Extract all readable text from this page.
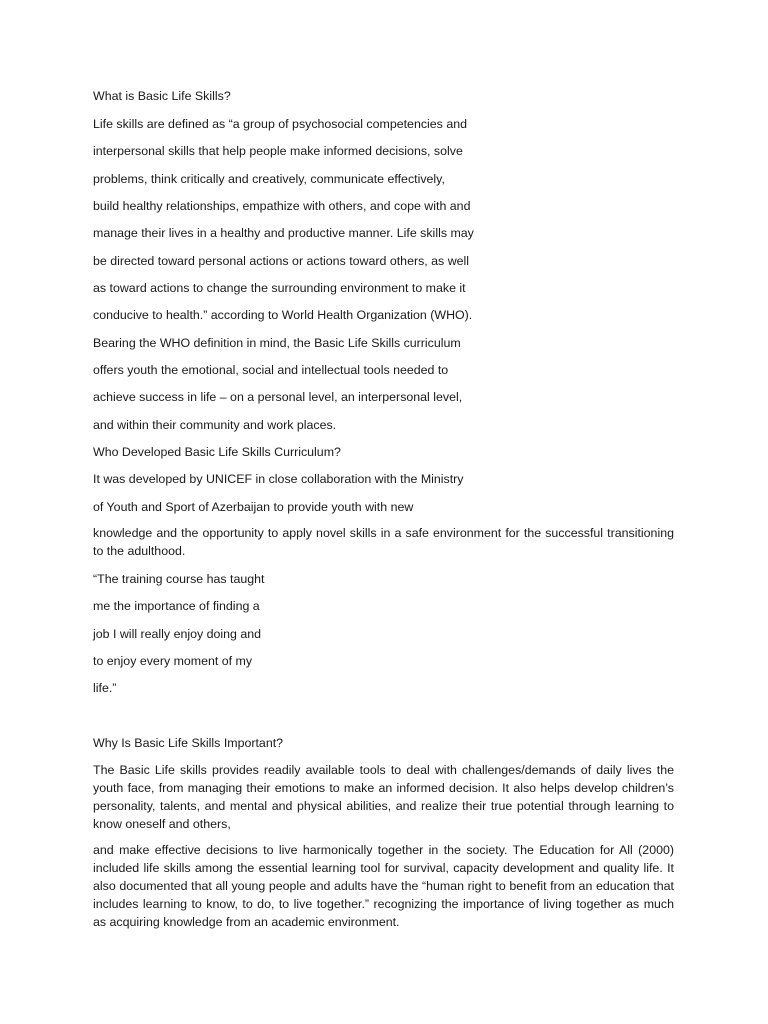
What is Basic Life Skills?
Life skills are defined as “a group of psychosocial competencies and
interpersonal skills that help people make informed decisions, solve
problems, think critically and creatively, communicate effectively,
build healthy relationships, empathize with others, and cope with and
manage their lives in a healthy and productive manner. Life skills may
be directed toward personal actions or actions toward others, as well
as toward actions to change the surrounding environment to make it
conducive to health.” according to World Health Organization (WHO).
Bearing the WHO definition in mind, the Basic Life Skills curriculum
offers youth the emotional, social and intellectual tools needed to
achieve success in life – on a personal level, an interpersonal level,
and within their community and work places.
Who Developed Basic Life Skills Curriculum?
It was developed by UNICEF in close collaboration with the Ministry
of Youth and Sport of Azerbaijan to provide youth with new
knowledge and the opportunity to apply novel skills in a safe environment for the successful transitioning to the adulthood.
“The training course has taught
me the importance of finding a
job I will really enjoy doing and
to enjoy every moment of my
life.”
Why Is Basic Life Skills Important?
The Basic Life skills provides readily available tools to deal with challenges/demands of daily lives the youth face, from managing their emotions to make an informed decision. It also helps develop children’s personality, talents, and mental and physical abilities, and realize their true potential through learning to know oneself and others,
and make effective decisions to live harmonically together in the society. The Education for All (2000) included life skills among the essential learning tool for survival, capacity development and quality life. It also documented that all young people and adults have the “human right to benefit from an education that includes learning to know, to do, to live together.” recognizing the importance of living together as much as acquiring knowledge from an academic environment.
